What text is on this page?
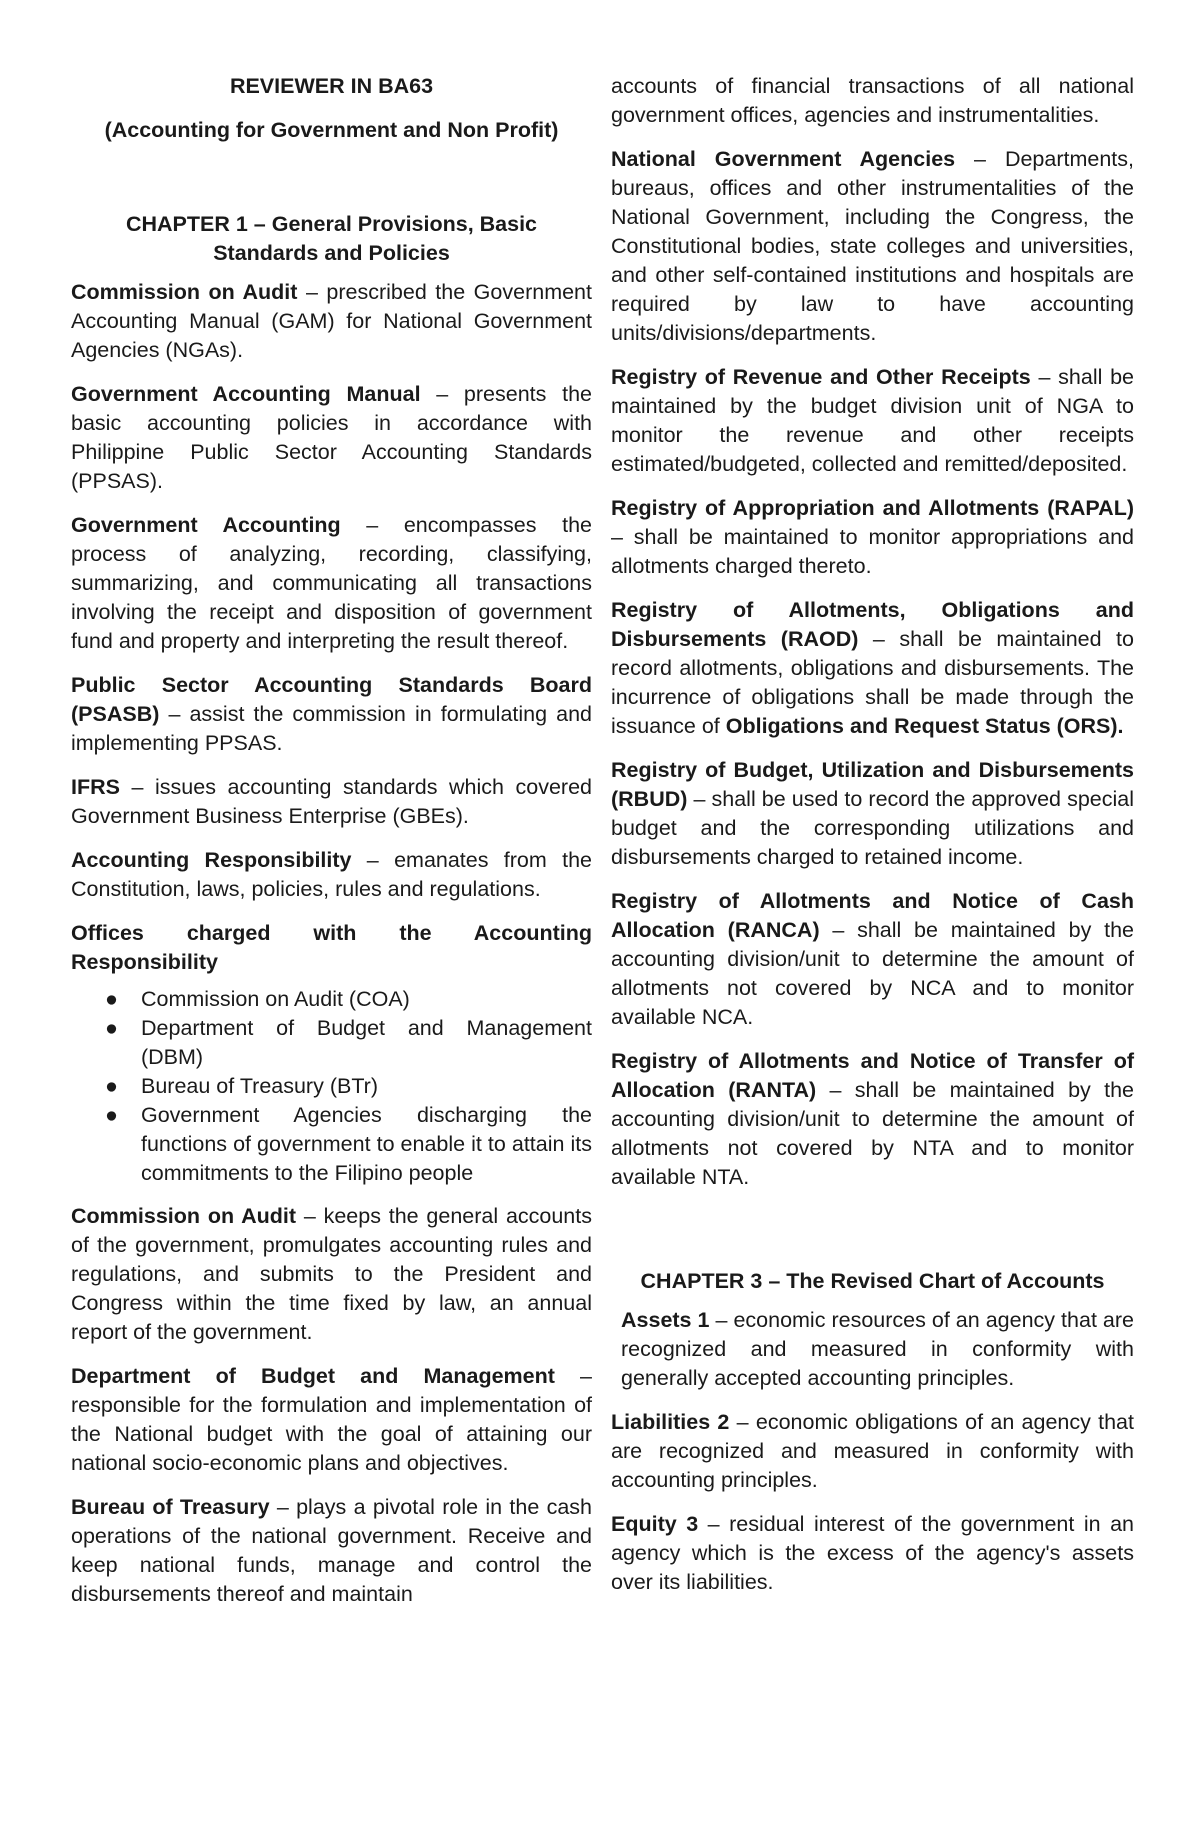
REVIEWER IN BA63

(Accounting for Government and Non Profit)

CHAPTER 1 – General Provisions, Basic Standards and Policies

Commission on Audit – prescribed the Government Accounting Manual (GAM) for National Government Agencies (NGAs).

Government Accounting Manual – presents the basic accounting policies in accordance with Philippine Public Sector Accounting Standards (PPSAS).

Government Accounting – encompasses the process of analyzing, recording, classifying, summarizing, and communicating all transactions involving the receipt and disposition of government fund and property and interpreting the result thereof.

Public Sector Accounting Standards Board (PSASB) – assist the commission in formulating and implementing PPSAS.

IFRS – issues accounting standards which covered Government Business Enterprise (GBEs).

Accounting Responsibility – emanates from the Constitution, laws, policies, rules and regulations.

Offices charged with the Accounting Responsibility

● Commission on Audit (COA)
● Department of Budget and Management (DBM)
● Bureau of Treasury (BTr)
● Government Agencies discharging the functions of government to enable it to attain its commitments to the Filipino people

Commission on Audit – keeps the general accounts of the government, promulgates accounting rules and regulations, and submits to the President and Congress within the time fixed by law, an annual report of the government.

Department of Budget and Management – responsible for the formulation and implementation of the National budget with the goal of attaining our national socio-economic plans and objectives.

Bureau of Treasury – plays a pivotal role in the cash operations of the national government. Receive and keep national funds, manage and control the disbursements thereof and maintain

accounts of financial transactions of all national government offices, agencies and instrumentalities.

National Government Agencies – Departments, bureaus, offices and other instrumentalities of the National Government, including the Congress, the Constitutional bodies, state colleges and universities, and other self-contained institutions and hospitals are required by law to have accounting units/divisions/departments.

Registry of Revenue and Other Receipts – shall be maintained by the budget division unit of NGA to monitor the revenue and other receipts estimated/budgeted, collected and remitted/deposited.

Registry of Appropriation and Allotments (RAPAL) – shall be maintained to monitor appropriations and allotments charged thereto.

Registry of Allotments, Obligations and Disbursements (RAOD) – shall be maintained to record allotments, obligations and disbursements. The incurrence of obligations shall be made through the issuance of Obligations and Request Status (ORS).

Registry of Budget, Utilization and Disbursements (RBUD) – shall be used to record the approved special budget and the corresponding utilizations and disbursements charged to retained income.

Registry of Allotments and Notice of Cash Allocation (RANCA) – shall be maintained by the accounting division/unit to determine the amount of allotments not covered by NCA and to monitor available NCA.

Registry of Allotments and Notice of Transfer of Allocation (RANTA) – shall be maintained by the accounting division/unit to determine the amount of allotments not covered by NTA and to monitor available NTA.

CHAPTER 3 – The Revised Chart of Accounts

Assets 1 – economic resources of an agency that are recognized and measured in conformity with generally accepted accounting principles.

Liabilities 2 – economic obligations of an agency that are recognized and measured in conformity with accounting principles.

Equity 3 – residual interest of the government in an agency which is the excess of the agency's assets over its liabilities.
